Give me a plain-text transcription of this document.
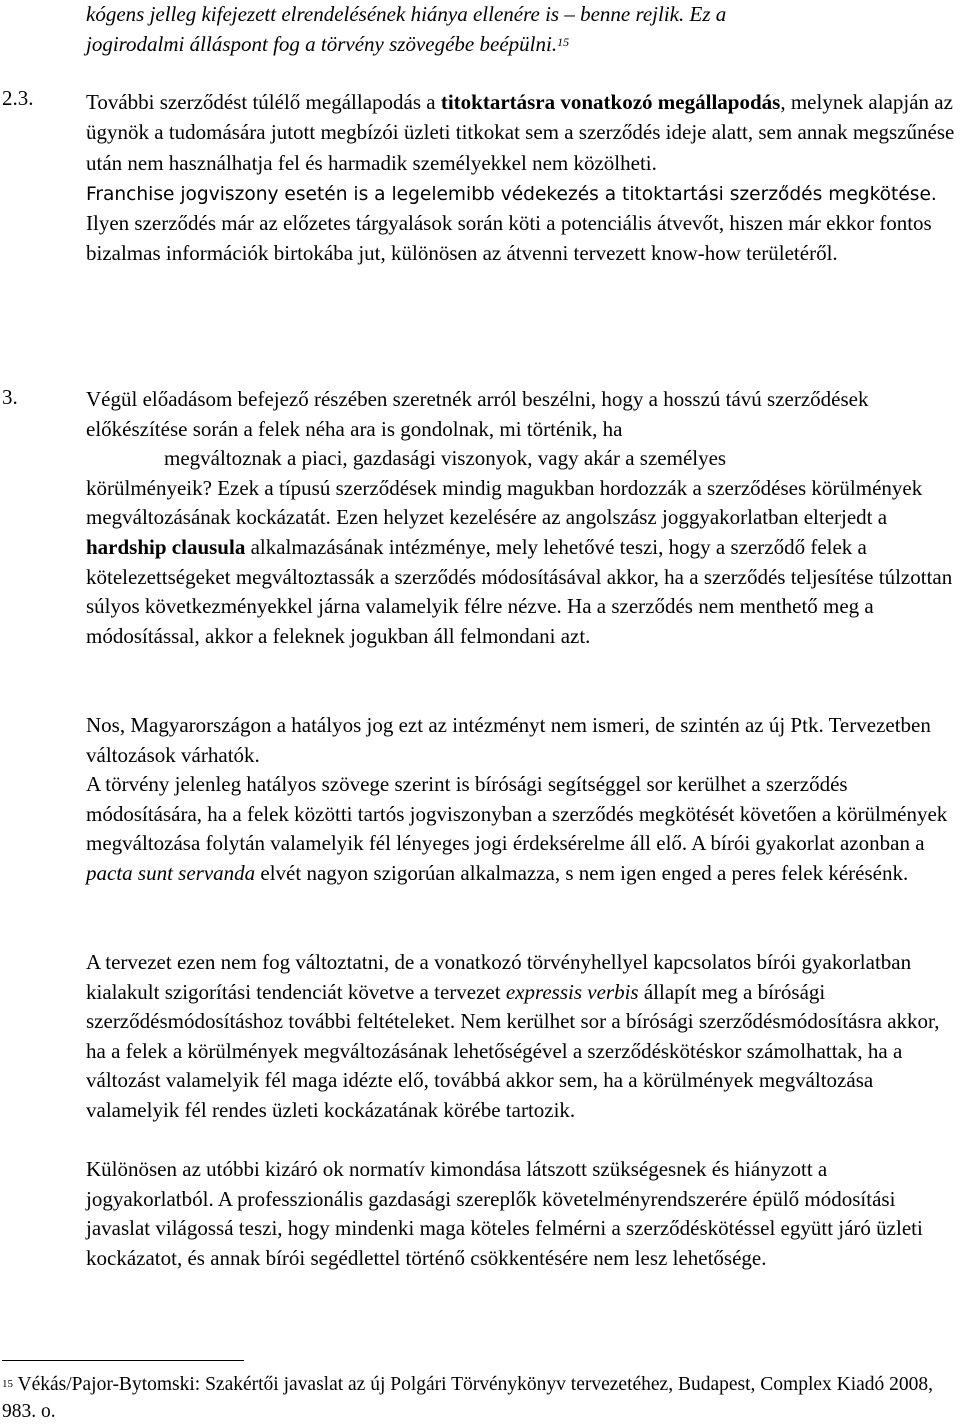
kógens jelleg kifejezett elrendelésének hiánya ellenére is – benne rejlik. Ez a
jogirodalmi álláspont fog a törvény szövegébe beépülni.$^{15}$
2.3.	További szerződést túlélő megállapodás a titoktartásra vonatkozó megállapodás, melynek alapján az ügynök a tudomására jutott megbízói üzleti titkokat sem a szerződés ideje alatt, sem annak megszűnése után nem használhatja fel és harmadik személyekkel nem közölheti.
Franchise jogviszony esetén is a legelemibb védekezés a titoktartási szerződés megkötése. Ilyen szerződés már az előzetes tárgyalások során köti a potenciális átvevőt, hiszen már ekkor fontos bizalmas információk birtokába jut, különösen az átvenni tervezett know-how területéről.
3.	Végül előadásom befejező részében szeretnék arról beszélni, hogy a hosszú távú szerződések előkészítése során a felek néha ara is gondolnak, mi történik, ha
megváltoznak a piaci, gazdasági viszonyok, vagy akár a személyes
körülményeik? Ezek a típusú szerződések mindig magukban hordozzák a szerződéses körülmények megváltozásának kockázatát. Ezen helyzet kezelésére az angolszász joggyakorlatban elterjedt a hardship clausula alkalmazásának intézménye, mely lehetővé teszi, hogy a szerződő felek a kötelezettségeket megváltoztassák a szerződés módosításával akkor, ha a szerződés teljesítése túlzottan súlyos következményekkel járna valamelyik félre nézve. Ha a szerződés nem menthető meg a módosítással, akkor a feleknek jogukban áll felmondani azt.
Nos, Magyarországon a hatályos jog ezt az intézményt nem ismeri, de szintén az új Ptk. Tervezetben változások várhatók.
A törvény jelenleg hatályos szövege szerint is bírósági segítséggel sor kerülhet a szerződés módosítására, ha a felek közötti tartós jogviszonyban a szerződés megkötését követően a körülmények megváltozása folytán valamelyik fél lényeges jogi érdeksérelme áll elő. A bírói gyakorlat azonban a pacta sunt servanda elvét nagyon szigorúan alkalmazza, s nem igen enged a peres felek kérésénk.
A tervezet ezen nem fog változtatni, de a vonatkozó törvényhellyel kapcsolatos bírói gyakorlatban kialakult szigorítási tendenciát követve a tervezet expressis verbis állapít meg a bírósági szerződésmódosításhoz további feltételeket. Nem kerülhet sor a bírósági szerződésmódosításra akkor, ha a felek a körülmények megváltozásának lehetőségével a szerződéskötéskor számolhattak, ha a változást valamelyik fél maga idézte elő, továbbá akkor sem, ha a körülmények megváltozása valamelyik fél rendes üzleti kockázatának körébe tartozik.
Különösen az utóbbi kizáró ok normatív kimondása látszott szükségesnek és hiányzott a jogyakorlatból. A professzionális gazdasági szereplők követelményrendszerére épülő módosítási javaslat világossá teszi, hogy mindenki maga köteles felmérni a szerződéskötéssel együtt járó üzleti kockázatot, és annak bírói segédlettel történő csökkentésére nem lesz lehetősége.
$^{15}$ Vékás/Pajor-Bytomski: Szakértői javaslat az új Polgári Törvénykönyv tervezetéhez, Budapest, Complex Kiadó 2008, 983. o.
